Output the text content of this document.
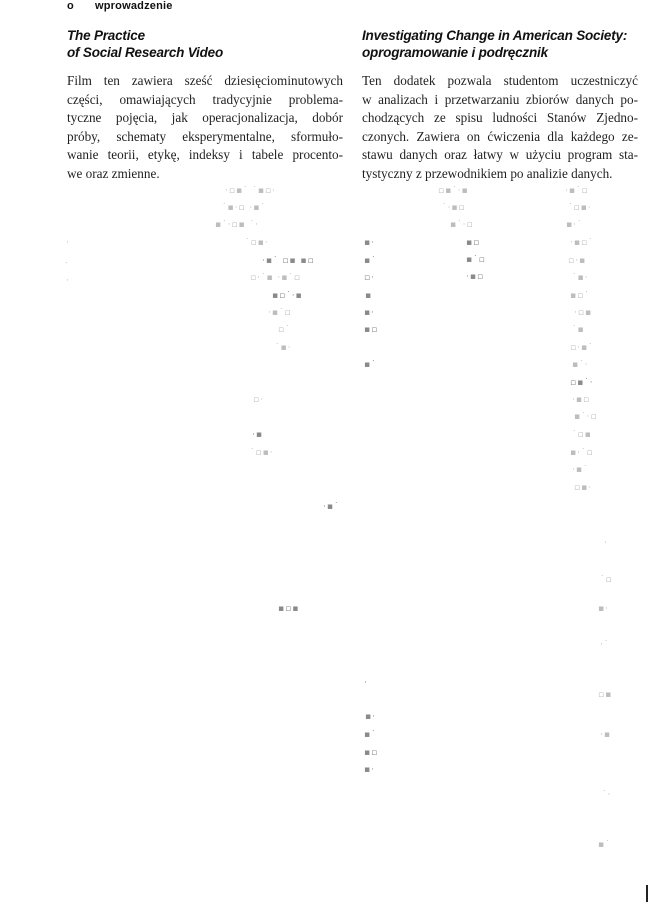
o wprowadzenie
The Practice
of Social Research Video

Film ten zawiera sześć dziesięciominutowych
części, omawiających tradycyjnie problema-
tyczne pojęcia, jak operacjonalizacja, dobór
próby, schematy eksperymentalne, sformuło-
wanie teorii, etykę, indeksy i tabele procento-
we oraz zmienne.

Investigating Change in American Society:
oprogramowanie i podręcznik

Ten dodatek pozwala studentom uczestniczyć
w analizach i przetwarzaniu zbiorów danych po-
chodzących ze spisu ludności Stanów Zjedno-
czonych. Zawiera on ćwiczenia dla każdego ze-
stawu danych oraz łatwy w użyciu program sta-
tystyczny z przewodnikiem po analizie danych.

·▫▪˙ ˙▪▫·
˙▪·▫ ·▪˙
▪˙·▫▪ ˙·
˙▫▪·
·▪˙ ▫▪ ▪▫
▫·˙▪ ·▪˙▫
▪▫˙·▪
·▪˙▫
▫˙
˙▪·
▫·
·▪
˙▫▪·
·▪˙
▪▫▪
·
˙
·
▫▪˙·▪
˙·▪▫
▪˙·▫
▪▫
▪˙▫
·▪▫
▪·
▪˙
▫·
▪
▪·
▪▫
▪˙
·▪˙▫
˙▫▪·
▪·˙
·▪▫˙
▫·▪
˙▪·
▪▫˙
·▫▪
˙▪
▫·▪˙
▪˙·
▫▪˙·
·▪▫
▪˙·▫
˙▫▪
▪·˙▫
·▪˙
▫▪·
·
˙▫
▪·
·˙
▫▪
·▪
˙·
▪˙
·
▪·
▪˙
▪▫
▪·
